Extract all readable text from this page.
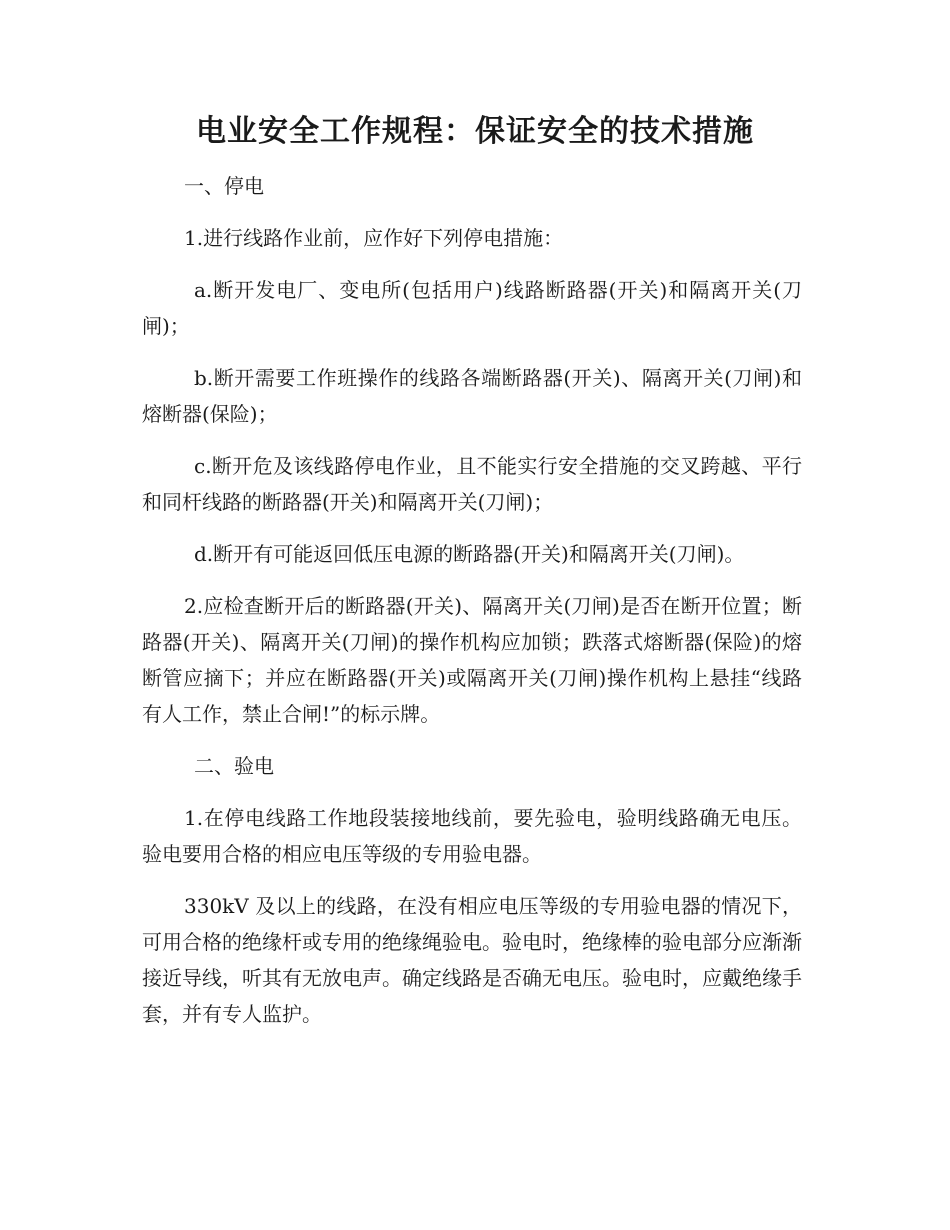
电业安全工作规程：保证安全的技术措施
一、停电

1.进行线路作业前，应作好下列停电措施：

a.断开发电厂、变电所(包括用户)线路断路器(开关)和隔离开关(刀闸)；

b.断开需要工作班操作的线路各端断路器(开关)、隔离开关(刀闸)和熔断器(保险)；

c.断开危及该线路停电作业，且不能实行安全措施的交叉跨越、平行和同杆线路的断路器(开关)和隔离开关(刀闸)；

d.断开有可能返回低压电源的断路器(开关)和隔离开关(刀闸)。

2.应检查断开后的断路器(开关)、隔离开关(刀闸)是否在断开位置；断路器(开关)、隔离开关(刀闸)的操作机构应加锁；跌落式熔断器(保险)的熔断管应摘下；并应在断路器(开关)或隔离开关(刀闸)操作机构上悬挂“线路有人工作，禁止合闸!”的标示牌。

二、验电

1.在停电线路工作地段装接地线前，要先验电，验明线路确无电压。验电要用合格的相应电压等级的专用验电器。

330kV 及以上的线路，在没有相应电压等级的专用验电器的情况下，可用合格的绝缘杆或专用的绝缘绳验电。验电时，绝缘棒的验电部分应渐渐接近导线，听其有无放电声。确定线路是否确无电压。验电时，应戴绝缘手套，并有专人监护。
